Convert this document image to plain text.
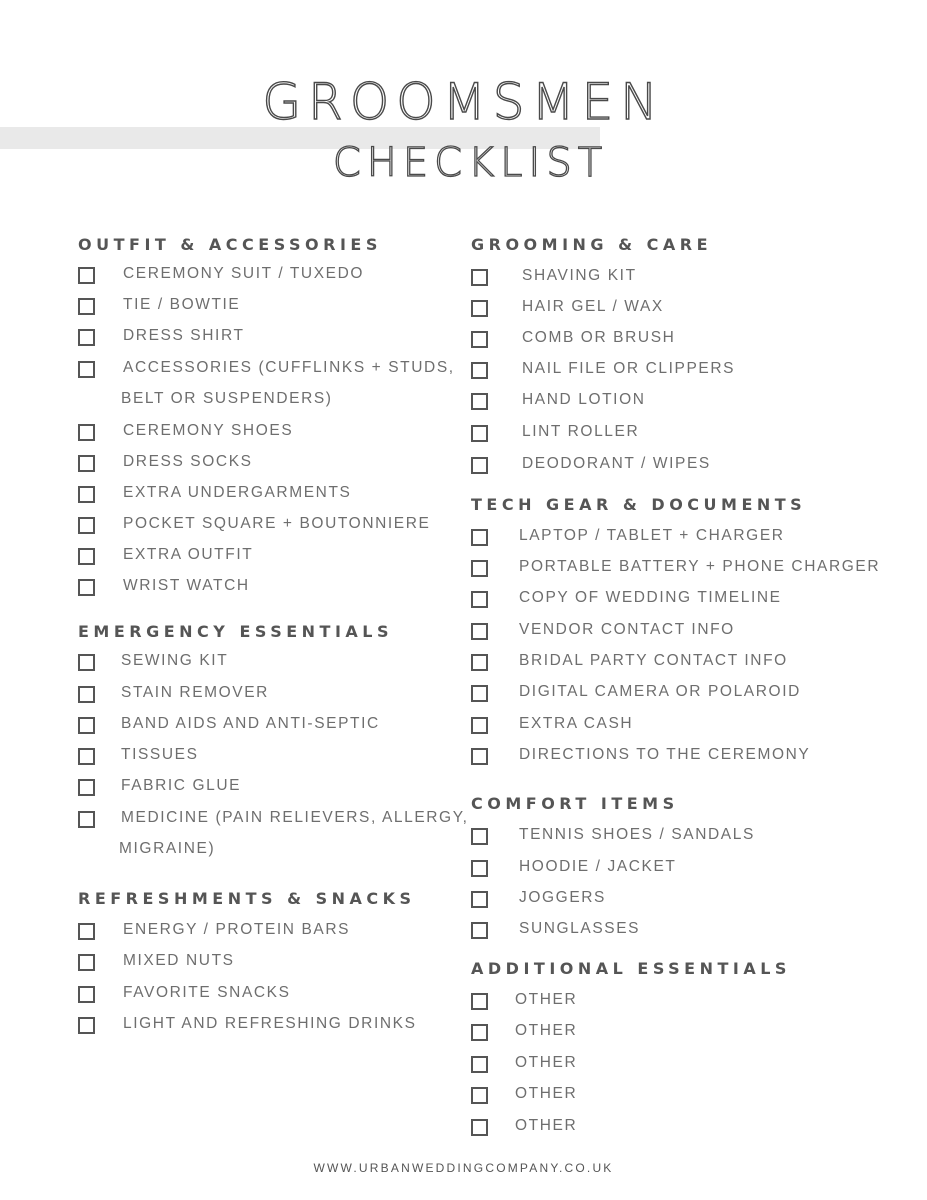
GROOMSMEN
CHECKLIST
OUTFIT & ACCESSORIES
CEREMONY SUIT / TUXEDO
TIE / BOWTIE
DRESS SHIRT
ACCESSORIES (CUFFLINKS + STUDS,
BELT OR SUSPENDERS)
CEREMONY SHOES
DRESS SOCKS
EXTRA UNDERGARMENTS
POCKET SQUARE + BOUTONNIERE
EXTRA OUTFIT
WRIST WATCH
EMERGENCY ESSENTIALS
SEWING KIT
STAIN REMOVER
BAND AIDS AND ANTI-SEPTIC
TISSUES
FABRIC GLUE
MEDICINE (PAIN RELIEVERS, ALLERGY,
MIGRAINE)
REFRESHMENTS & SNACKS
ENERGY / PROTEIN BARS
MIXED NUTS
FAVORITE SNACKS
LIGHT AND REFRESHING DRINKS
GROOMING & CARE
SHAVING KIT
HAIR GEL / WAX
COMB OR BRUSH
NAIL FILE OR CLIPPERS
HAND LOTION
LINT ROLLER
DEODORANT / WIPES
TECH GEAR & DOCUMENTS
LAPTOP / TABLET + CHARGER
PORTABLE BATTERY + PHONE CHARGER
COPY OF WEDDING TIMELINE
VENDOR CONTACT INFO
BRIDAL PARTY CONTACT INFO
DIGITAL CAMERA OR POLAROID
EXTRA CASH
DIRECTIONS TO THE CEREMONY
COMFORT ITEMS
TENNIS SHOES / SANDALS
HOODIE / JACKET
JOGGERS
SUNGLASSES
ADDITIONAL ESSENTIALS
OTHER
OTHER
OTHER
OTHER
OTHER
WWW.URBANWEDDINGCOMPANY.CO.UK
